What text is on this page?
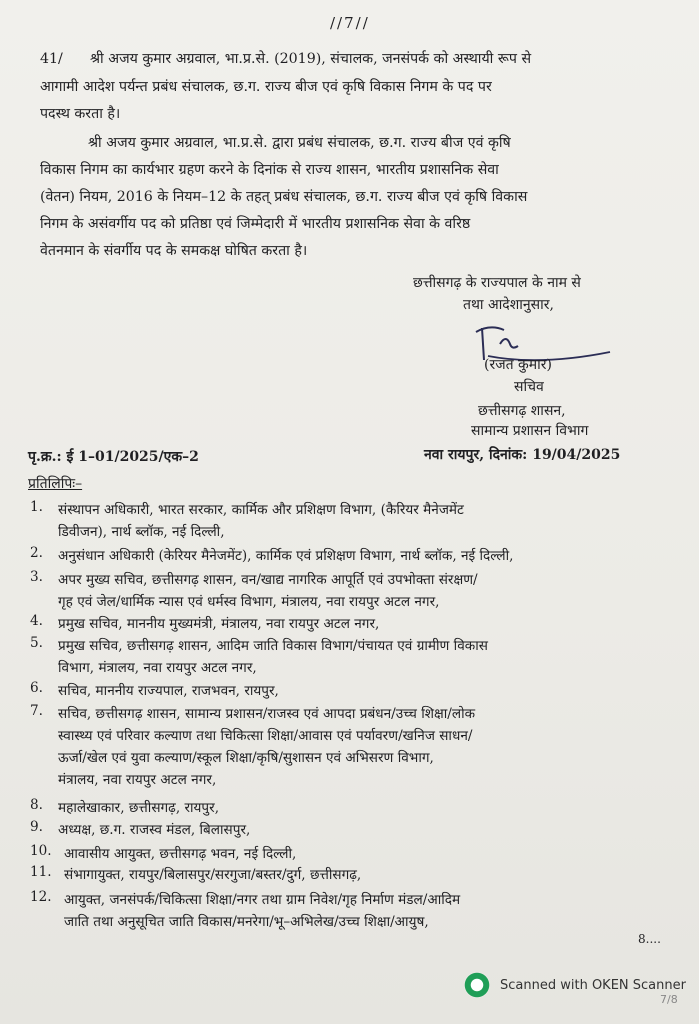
//7//
41/ श्री अजय कुमार अग्रवाल, भा.प्र.से. (2019), संचालक, जनसंपर्क को अस्थायी रूप से
आगामी आदेश पर्यन्त प्रबंध संचालक, छ.ग. राज्य बीज एवं कृषि विकास निगम के पद पर
पदस्थ करता है।
श्री अजय कुमार अग्रवाल, भा.प्र.से. द्वारा प्रबंध संचालक, छ.ग. राज्य बीज एवं कृषि
विकास निगम का कार्यभार ग्रहण करने के दिनांक से राज्य शासन, भारतीय प्रशासनिक सेवा
(वेतन) नियम, 2016 के नियम–12 के तहत् प्रबंध संचालक, छ.ग. राज्य बीज एवं कृषि विकास
निगम के असंवर्गीय पद को प्रतिष्ठा एवं जिम्मेदारी में भारतीय प्रशासनिक सेवा के वरिष्ठ
वेतनमान के संवर्गीय पद के समकक्ष घोषित करता है।
छत्तीसगढ़ के राज्यपाल के नाम से
तथा आदेशानुसार,
(रजत कुमार)
सचिव
छत्तीसगढ़ शासन,
सामान्य प्रशासन विभाग
पृ.क्र.: ई 1–01/2025/एक–2	नवा रायपुर, दिनांक: 19/04/2025
प्रतिलिपिः–
1. संस्थापन अधिकारी, भारत सरकार, कार्मिक और प्रशिक्षण विभाग, (कैरियर मैनेजमेंट
डिवीजन), नार्थ ब्लॉक, नई दिल्ली,
2. अनुसंधान अधिकारी (केरियर मैनेजमेंट), कार्मिक एवं प्रशिक्षण विभाग, नार्थ ब्लॉक, नई दिल्ली,
3. अपर मुख्य सचिव, छत्तीसगढ़ शासन, वन/खाद्य नागरिक आपूर्ति एवं उपभोक्ता संरक्षण/
गृह एवं जेल/धार्मिक न्यास एवं धर्मस्व विभाग, मंत्रालय, नवा रायपुर अटल नगर,
4. प्रमुख सचिव, माननीय मुख्यमंत्री, मंत्रालय, नवा रायपुर अटल नगर,
5. प्रमुख सचिव, छत्तीसगढ़ शासन, आदिम जाति विकास विभाग/पंचायत एवं ग्रामीण विकास
विभाग, मंत्रालय, नवा रायपुर अटल नगर,
6. सचिव, माननीय राज्यपाल, राजभवन, रायपुर,
7. सचिव, छत्तीसगढ़ शासन, सामान्य प्रशासन/राजस्व एवं आपदा प्रबंधन/उच्च शिक्षा/लोक
स्वास्थ्य एवं परिवार कल्याण तथा चिकित्सा शिक्षा/आवास एवं पर्यावरण/खनिज साधन/
ऊर्जा/खेल एवं युवा कल्याण/स्कूल शिक्षा/कृषि/सुशासन एवं अभिसरण विभाग,
मंत्रालय, नवा रायपुर अटल नगर,
8. महालेखाकार, छत्तीसगढ़, रायपुर,
9. अध्यक्ष, छ.ग. राजस्व मंडल, बिलासपुर,
10. आवासीय आयुक्त, छत्तीसगढ़ भवन, नई दिल्ली,
11. संभागायुक्त, रायपुर/बिलासपुर/सरगुजा/बस्तर/दुर्ग, छत्तीसगढ़,
12. आयुक्त, जनसंपर्क/चिकित्सा शिक्षा/नगर तथा ग्राम निवेश/गृह निर्माण मंडल/आदिम
जाति तथा अनुसूचित जाति विकास/मनरेगा/भू–अभिलेख/उच्च शिक्षा/आयुष,
8....
Scanned with OKEN Scanner
7/8
